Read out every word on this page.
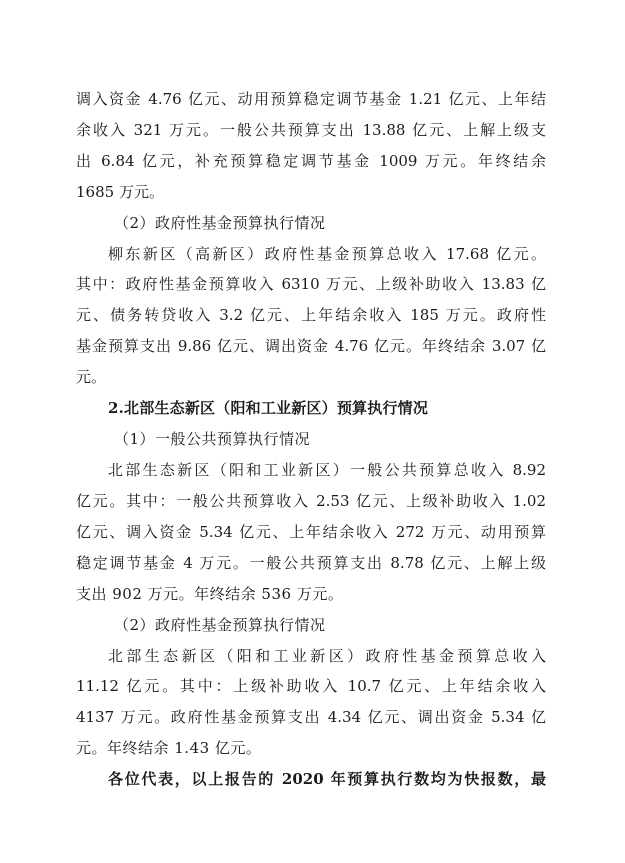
调入资金 4.76 亿元、动用预算稳定调节基金 1.21 亿元、上年结
余收入 321 万元。一般公共预算支出 13.88 亿元、上解上级支
出 6.84 亿元，补充预算稳定调节基金 1009 万元。年终结余
1685 万元。
（2）政府性基金预算执行情况
柳东新区（高新区）政府性基金预算总收入 17.68 亿元。
其中：政府性基金预算收入 6310 万元、上级补助收入 13.83 亿
元、债务转贷收入 3.2 亿元、上年结余收入 185 万元。政府性
基金预算支出 9.86 亿元、调出资金 4.76 亿元。年终结余 3.07 亿
元。
2.北部生态新区（阳和工业新区）预算执行情况
（1）一般公共预算执行情况
北部生态新区（阳和工业新区）一般公共预算总收入 8.92
亿元。其中：一般公共预算收入 2.53 亿元、上级补助收入 1.02
亿元、调入资金 5.34 亿元、上年结余收入 272 万元、动用预算
稳定调节基金 4 万元。一般公共预算支出 8.78 亿元、上解上级
支出 902 万元。年终结余 536 万元。
（2）政府性基金预算执行情况
北部生态新区（阳和工业新区）政府性基金预算总收入
11.12 亿元。其中：上级补助收入 10.7 亿元、上年结余收入
4137 万元。政府性基金预算支出 4.34 亿元、调出资金 5.34 亿
元。年终结余 1.43 亿元。
各位代表，以上报告的 2020 年预算执行数均为快报数，最
